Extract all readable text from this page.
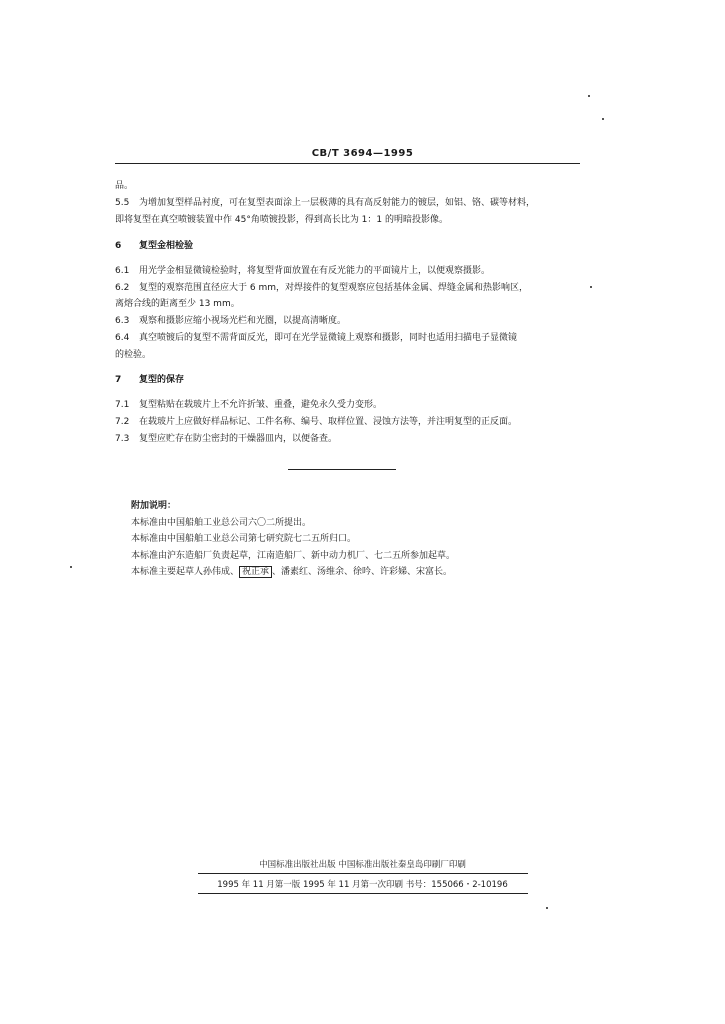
CB/T 3694—1995
品。
5.5 为增加复型样品衬度，可在复型表面涂上一层极薄的具有高反射能力的镀层，如铝、铬、碳等材料，
即将复型在真空喷镀装置中作 45°角喷镀投影，得到高长比为 1：1 的明暗投影像。
6 复型金相检验
6.1 用光学金相显微镜检验时，将复型背面放置在有反光能力的平面镜片上，以便观察摄影。
6.2 复型的观察范围直径应大于 6 mm，对焊接件的复型观察应包括基体金属、焊缝金属和热影响区，
离熔合线的距离至少 13 mm。
6.3 观察和摄影应缩小视场光栏和光圈，以提高清晰度。
6.4 真空喷镀后的复型不需背面反光，即可在光学显微镜上观察和摄影，同时也适用扫描电子显微镜
的检验。
7 复型的保存
7.1 复型粘贴在载玻片上不允许折皱、重叠，避免永久受力变形。
7.2 在载玻片上应做好样品标记、工件名称、编号、取样位置、浸蚀方法等，并注明复型的正反面。
7.3 复型应贮存在防尘密封的干燥器皿内，以便备查。
附加说明：
本标准由中国船舶工业总公司六〇二所提出。
本标准由中国船舶工业总公司第七研究院七二五所归口。
本标准由沪东造船厂负责起草，江南造船厂、新中动力机厂、七二五所参加起草。
本标准主要起草人孙伟成、 祝正承 、潘素红、汤维余、徐吟、许彩娣、宋富长。
中国标准出版社出版 中国标准出版社秦皇岛印刷厂印刷
1995 年 11 月第一版 1995 年 11 月第一次印刷 书号：155066・2-10196
